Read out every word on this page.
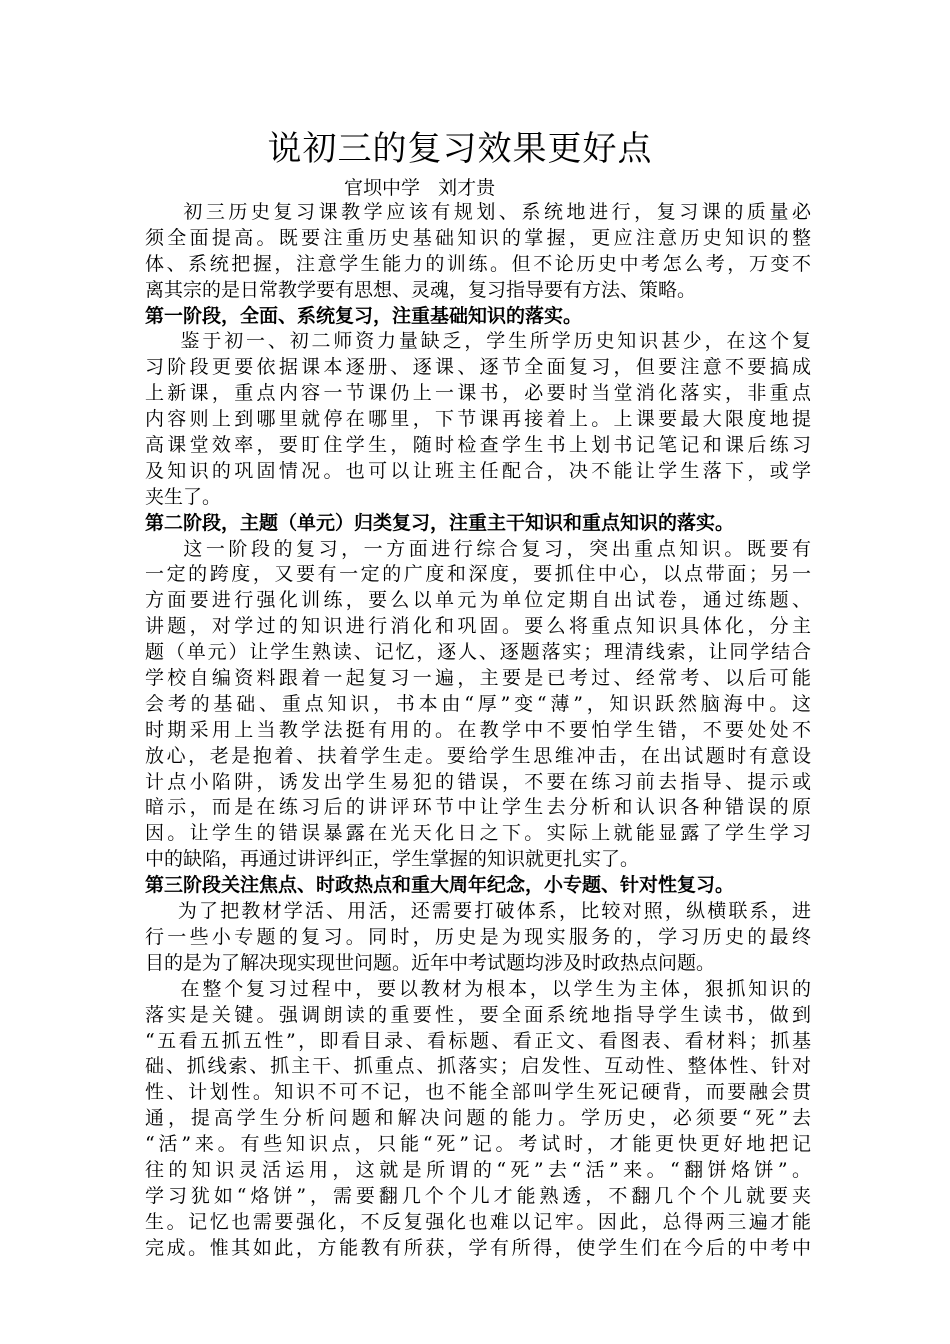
说初三的复习效果更好点

官坝中学   刘才贵

初三历史复习课教学应该有规划、系统地进行，复习课的质量必
须全面提高。既要注重历史基础知识的掌握，更应注意历史知识的整
体、系统把握，注意学生能力的训练。但不论历史中考怎么考，万变不
离其宗的是日常教学要有思想、灵魂，复习指导要有方法、策略。
第一阶段，全面、系统复习，注重基础知识的落实。
鉴于初一、初二师资力量缺乏，学生所学历史知识甚少，在这个复
习阶段更要依据课本逐册、逐课、逐节全面复习，但要注意不要搞成
上新课，重点内容一节课仍上一课书，必要时当堂消化落实，非重点
内容则上到哪里就停在哪里，下节课再接着上。上课要最大限度地提
高课堂效率，要盯住学生，随时检查学生书上划书记笔记和课后练习
及知识的巩固情况。也可以让班主任配合，决不能让学生落下，或学
夹生了。
第二阶段，主题（单元）归类复习，注重主干知识和重点知识的落实。
这一阶段的复习，一方面进行综合复习，突出重点知识。既要有
一定的跨度，又要有一定的广度和深度，要抓住中心，以点带面；另一
方面要进行强化训练，要么以单元为单位定期自出试卷，通过练题、
讲题，对学过的知识进行消化和巩固。要么将重点知识具体化，分主
题（单元）让学生熟读、记忆，逐人、逐题落实；理清线索，让同学结合
学校自编资料跟着一起复习一遍，主要是已考过、经常考、以后可能
会考的基础、重点知识，书本由“厚”变“薄”，知识跃然脑海中。这
时期采用上当教学法挺有用的。在教学中不要怕学生错，不要处处不
放心，老是抱着、扶着学生走。要给学生思维冲击，在出试题时有意设
计点小陷阱，诱发出学生易犯的错误，不要在练习前去指导、提示或
暗示，而是在练习后的讲评环节中让学生去分析和认识各种错误的原
因。让学生的错误暴露在光天化日之下。实际上就能显露了学生学习
中的缺陷，再通过讲评纠正，学生掌握的知识就更扎实了。
第三阶段关注焦点、时政热点和重大周年纪念，小专题、针对性复习。
为了把教材学活、用活，还需要打破体系，比较对照，纵横联系，进
行一些小专题的复习。同时，历史是为现实服务的，学习历史的最终
目的是为了解决现实现世问题。近年中考试题均涉及时政热点问题。
在整个复习过程中，要以教材为根本，以学生为主体，狠抓知识的
落实是关键。强调朗读的重要性，要全面系统地指导学生读书，做到
“五看五抓五性”，即看目录、看标题、看正文、看图表、看材料；抓基
础、抓线索、抓主干、抓重点、抓落实；启发性、互动性、整体性、针对
性、计划性。知识不可不记，也不能全部叫学生死记硬背，而要融会贯
通，提高学生分析问题和解决问题的能力。学历史，必须要“死”去
“活”来。有些知识点，只能“死”记。考试时，才能更快更好地把记
往的知识灵活运用，这就是所谓的“死”去“活”来。“翻饼烙饼”。
学习犹如“烙饼”，需要翻几个个儿才能熟透，不翻几个个儿就要夹
生。记忆也需要强化，不反复强化也难以记牢。因此，总得两三遍才能
完成。惟其如此，方能教有所获，学有所得，使学生们在今后的中考中
